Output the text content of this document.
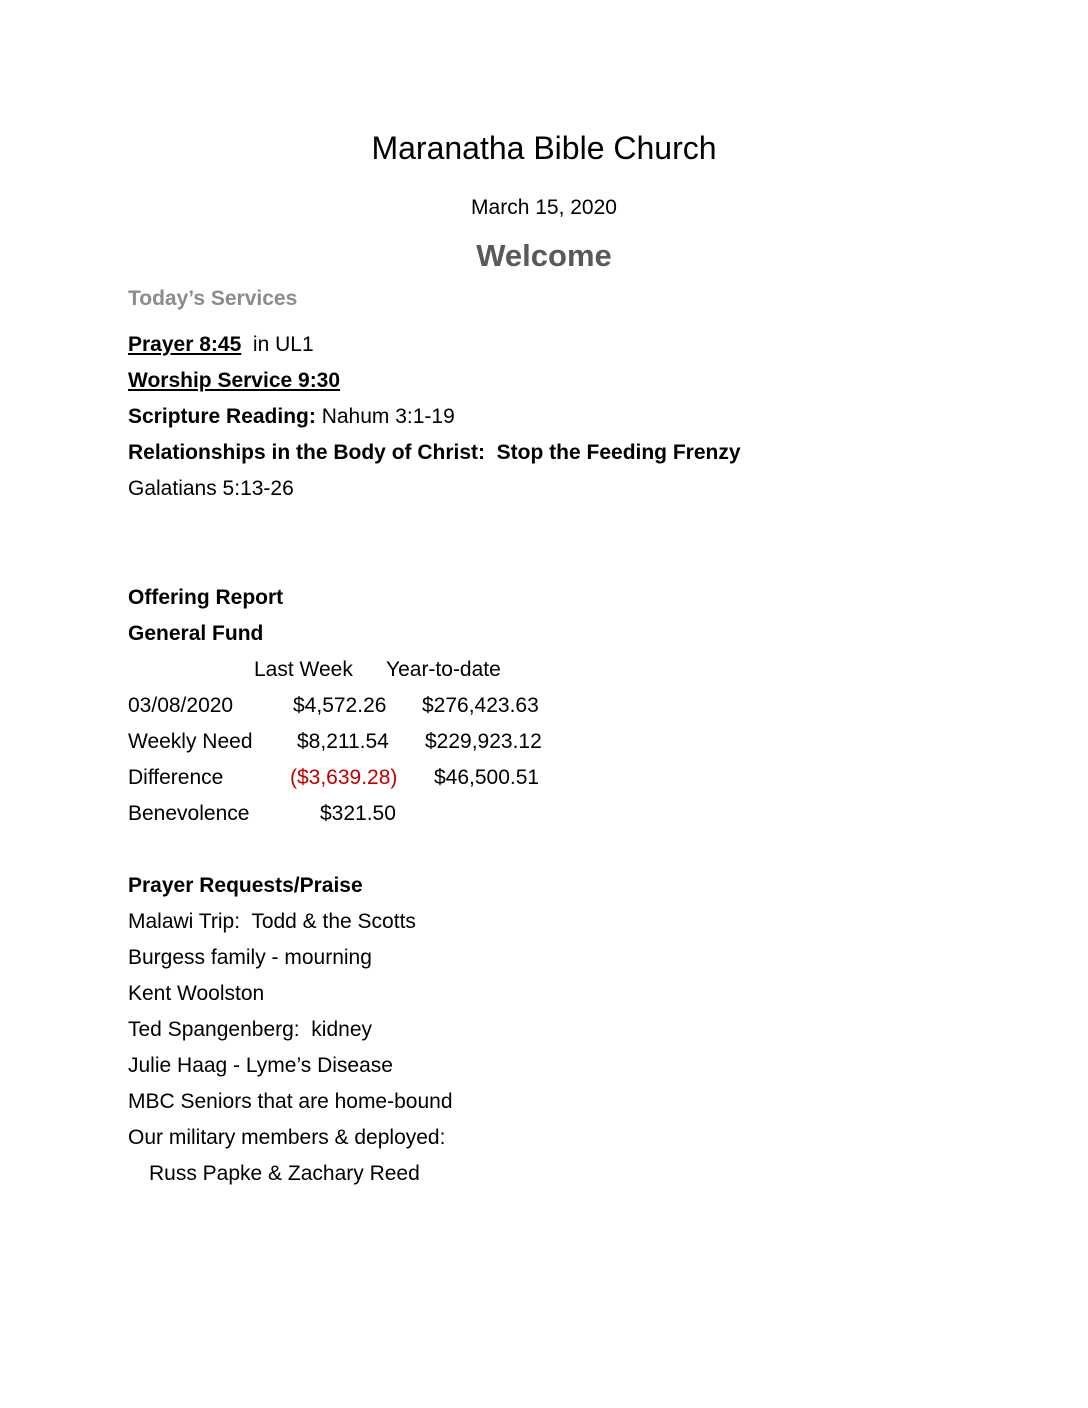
Maranatha Bible Church
March 15, 2020
Welcome
Today’s Services
Prayer 8:45  in UL1
Worship Service 9:30
Scripture Reading: Nahum 3:1-19
Relationships in the Body of Christ:  Stop the Feeding Frenzy
Galatians 5:13-26
Offering Report
General Fund
Last Week Year-to-date
03/08/2020	$4,572.26 $276,423.63
Weekly Need $8,211.54 $229,923.12
Difference	($3,639.28) $46,500.51
Benevolence	$321.50
Prayer Requests/Praise
Malawi Trip:  Todd & the Scotts
Burgess family - mourning
Kent Woolston
Ted Spangenberg:  kidney
Julie Haag - Lyme’s Disease
MBC Seniors that are home-bound
Our military members & deployed:
Russ Papke & Zachary Reed
